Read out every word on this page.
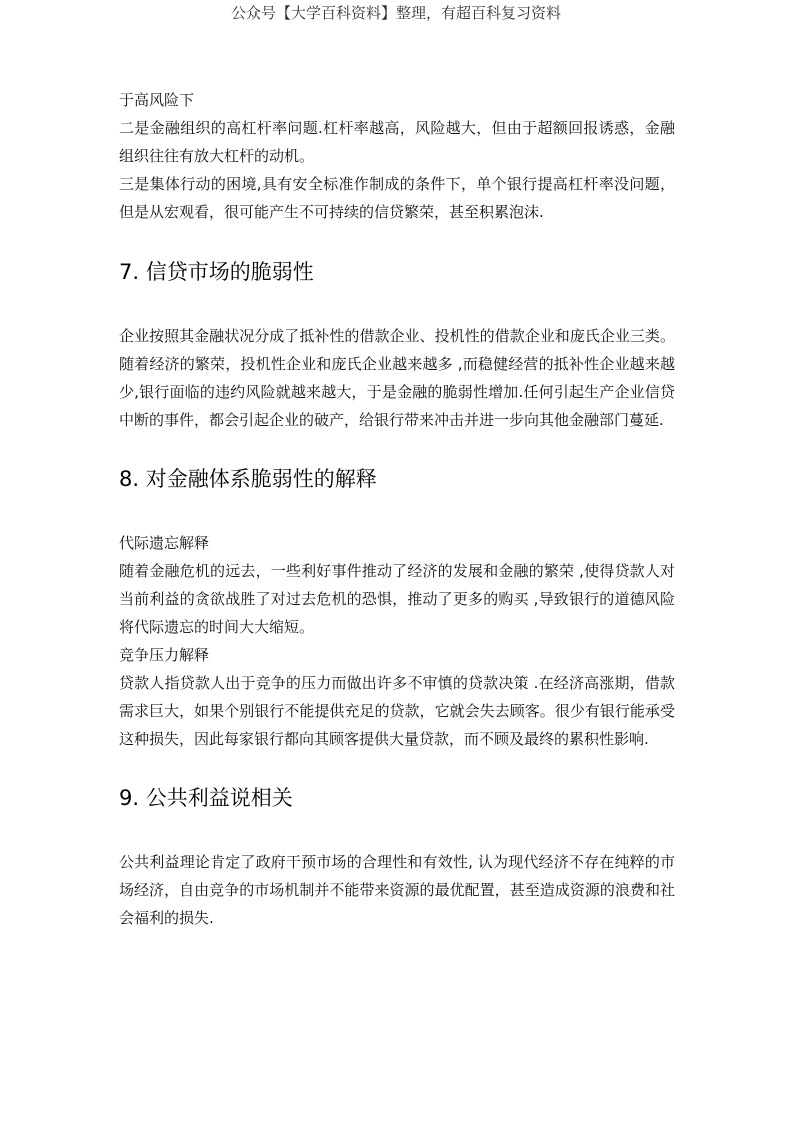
公众号【大学百科资料】整理，有超百科复习资料

于高风险下

二是金融组织的高杠杆率问题.杠杆率越高，风险越大，但由于超额回报诱惑，金融组织往往有放大杠杆的动机。

三是集体行动的困境,具有安全标准作制成的条件下，单个银行提高杠杆率没问题，但是从宏观看，很可能产生不可持续的信贷繁荣，甚至积累泡沫.

7. 信贷市场的脆弱性

企业按照其金融状况分成了抵补性的借款企业、投机性的借款企业和庞氏企业三类。随着经济的繁荣，投机性企业和庞氏企业越来越多 ,而稳健经营的抵补性企业越来越少,银行面临的违约风险就越来越大，于是金融的脆弱性增加.任何引起生产企业信贷中断的事件，都会引起企业的破产，给银行带来冲击并进一步向其他金融部门蔓延.

8. 对金融体系脆弱性的解释

代际遗忘解释

随着金融危机的远去，一些利好事件推动了经济的发展和金融的繁荣 ,使得贷款人对当前利益的贪欲战胜了对过去危机的恐惧，推动了更多的购买 ,导致银行的道德风险将代际遗忘的时间大大缩短。

竞争压力解释

贷款人指贷款人出于竞争的压力而做出许多不审慎的贷款决策 .在经济高涨期，借款需求巨大，如果个别银行不能提供充足的贷款，它就会失去顾客。很少有银行能承受这种损失，因此每家银行都向其顾客提供大量贷款，而不顾及最终的累积性影响.

9. 公共利益说相关

公共利益理论肯定了政府干预市场的合理性和有效性, 认为现代经济不存在纯粹的市场经济，自由竞争的市场机制并不能带来资源的最优配置，甚至造成资源的浪费和社会福利的损失.
